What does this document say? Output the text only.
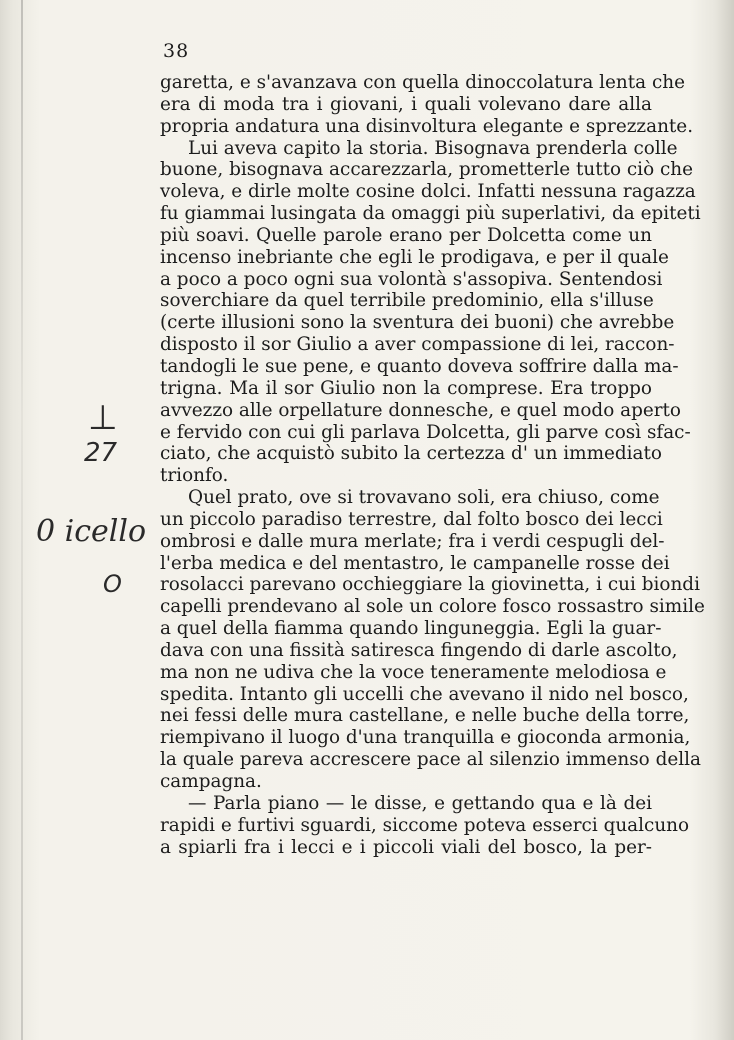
38
garetta, e s'avanzava con quella dinoccolatura lenta che
era di moda tra i giovani, i quali volevano dare alla
propria andatura una disinvoltura elegante e sprezzante.
Lui aveva capito la storia. Bisognava prenderla colle
buone, bisognava accarezzarla, prometterle tutto ciò che
voleva, e dirle molte cosine dolci. Infatti nessuna ragazza
fu giammai lusingata da omaggi più superlativi, da epiteti
più soavi. Quelle parole erano per Dolcetta come un
incenso inebriante che egli le prodigava, e per il quale
a poco a poco ogni sua volontà s'assopiva. Sentendosi
soverchiare da quel terribile predominio, ella s'illuse
(certe illusioni sono la sventura dei buoni) che avrebbe
disposto il sor Giulio a aver compassione di lei, raccon-
tandogli le sue pene, e quanto doveva soffrire dalla ma-
trigna. Ma il sor Giulio non la comprese. Era troppo
avvezzo alle orpellature donnesche, e quel modo aperto
e fervido con cui gli parlava Dolcetta, gli parve così sfac-
ciato, che acquistò subito la certezza d' un immediato
trionfo.
Quel prato, ove si trovavano soli, era chiuso, come
un piccolo paradiso terrestre, dal folto bosco dei lecci
ombrosi e dalle mura merlate; fra i verdi cespugli del-
l'erba medica e del mentastro, le campanelle rosse dei
rosolacci parevano occhieggiare la giovinetta, i cui biondi
capelli prendevano al sole un colore fosco rossastro simile
a quel della fiamma quando linguneggia. Egli la guar-
dava con una fissità satiresca fingendo di darle ascolto,
ma non ne udiva che la voce teneramente melodiosa e
spedita. Intanto gli uccelli che avevano il nido nel bosco,
nei fessi delle mura castellane, e nelle buche della torre,
riempivano il luogo d'una tranquilla e gioconda armonia,
la quale pareva accrescere pace al silenzio immenso della
campagna.
— Parla piano — le disse, e gettando qua e là dei
rapidi e furtivi sguardi, siccome poteva esserci qualcuno
a spiarli fra i lecci e i piccoli viali del bosco, la per-
⊥
27
0 icello
O
